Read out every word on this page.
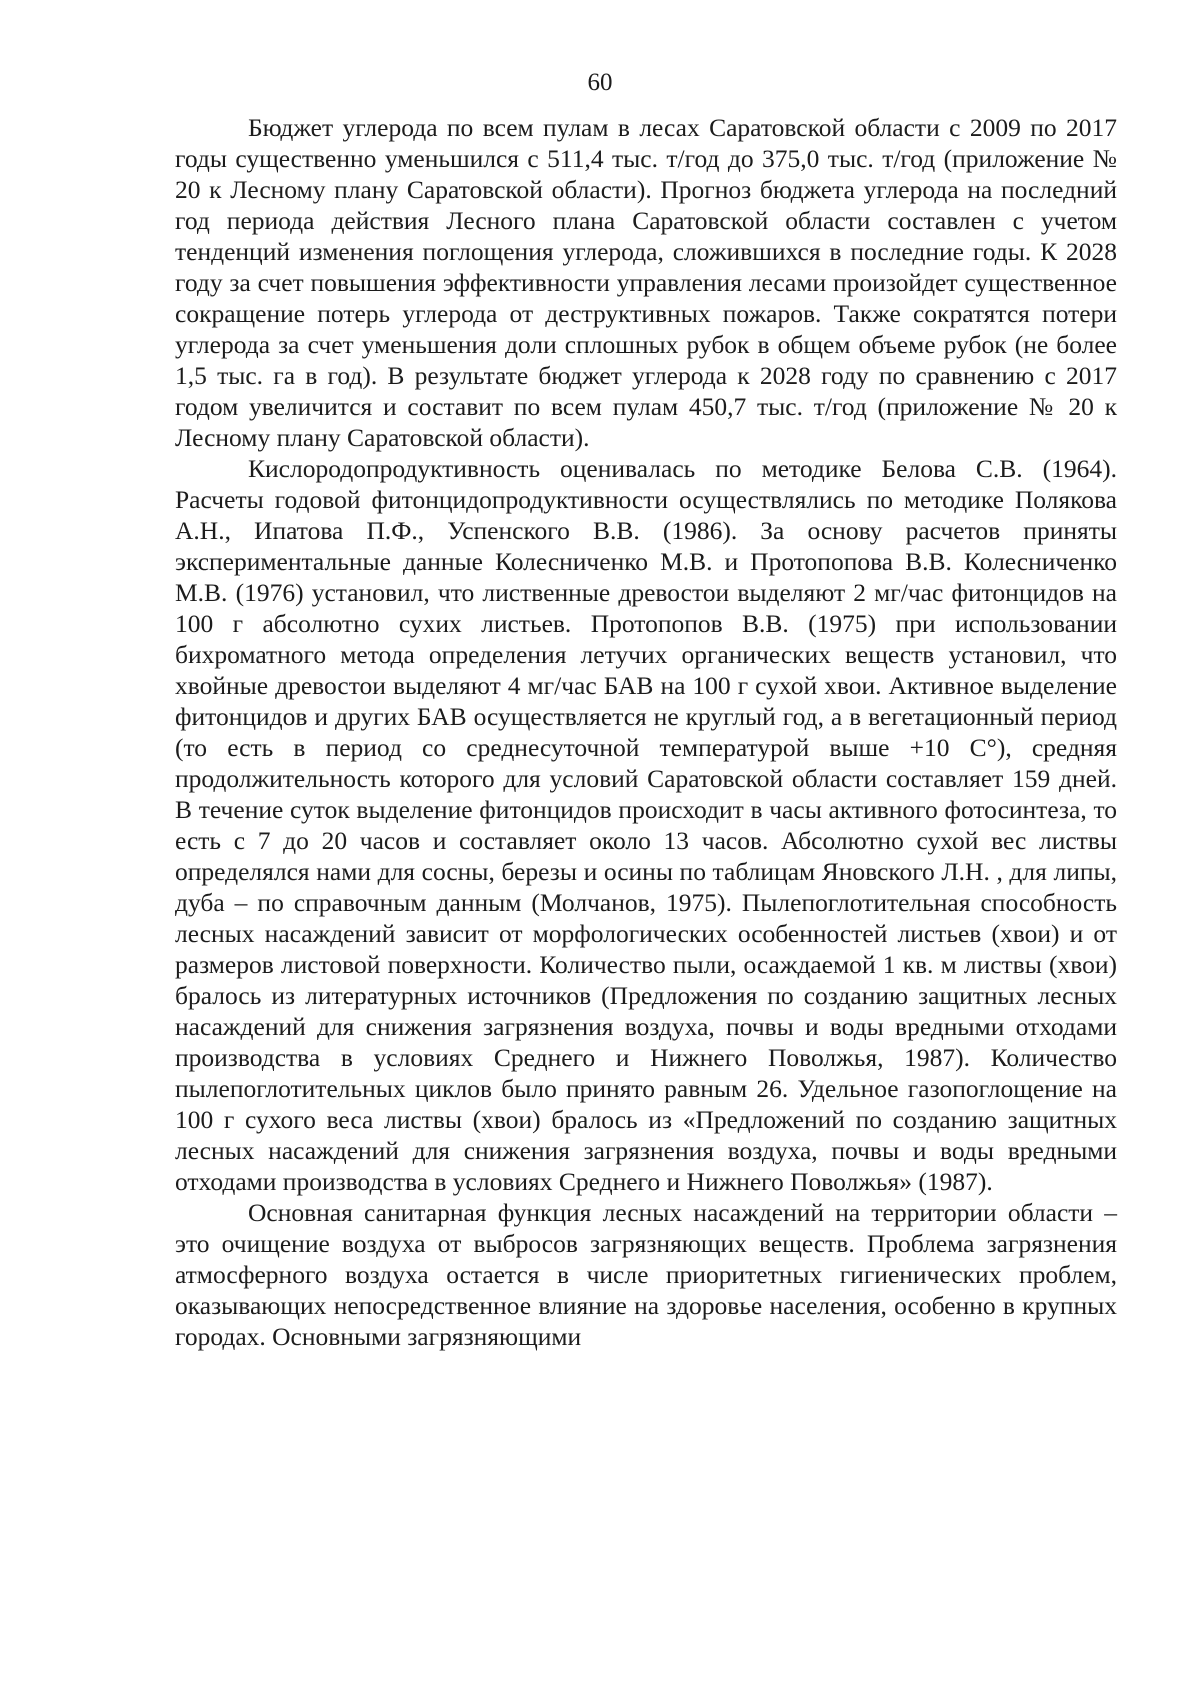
60

Бюджет углерода по всем пулам в лесах Саратовской области с 2009 по 2017 годы существенно уменьшился с 511,4 тыс. т/год до 375,0 тыс. т/год (приложение № 20 к Лесному плану Саратовской области). Прогноз бюджета углерода на последний год периода действия Лесного плана Саратовской области составлен с учетом тенденций изменения поглощения углерода, сложившихся в последние годы. К 2028 году за счет повышения эффективности управления лесами произойдет существенное сокращение потерь углерода от деструктивных пожаров. Также сократятся потери углерода за счет уменьшения доли сплошных рубок в общем объеме рубок (не более 1,5 тыс. га в год). В результате бюджет углерода к 2028 году по сравнению с 2017 годом увеличится и составит по всем пулам 450,7 тыс. т/год (приложение № 20 к Лесному плану Саратовской области).

Кислородопродуктивность оценивалась по методике Белова С.В. (1964). Расчеты годовой фитонцидопродуктивности осуществлялись по методике Полякова А.Н., Ипатова П.Ф., Успенского В.В. (1986). За основу расчетов приняты экспериментальные данные Колесниченко М.В. и Протопопова В.В. Колесниченко М.В. (1976) установил, что лиственные древостои выделяют 2 мг/час фитонцидов на 100 г абсолютно сухих листьев. Протопопов В.В. (1975) при использовании бихроматного метода определения летучих органических веществ установил, что хвойные древостои выделяют 4 мг/час БАВ на 100 г сухой хвои. Активное выделение фитонцидов и других БАВ осуществляется не круглый год, а в вегетационный период (то есть в период со среднесуточной температурой выше +10 С°), средняя продолжительность которого для условий Саратовской области составляет 159 дней. В течение суток выделение фитонцидов происходит в часы активного фотосинтеза, то есть с 7 до 20 часов и составляет около 13 часов. Абсолютно сухой вес листвы определялся нами для сосны, березы и осины по таблицам Яновского Л.Н. , для липы, дуба – по справочным данным (Молчанов, 1975). Пылепоглотительная способность лесных насаждений зависит от морфологических особенностей листьев (хвои) и от размеров листовой поверхности. Количество пыли, осаждаемой 1 кв. м листвы (хвои) бралось из литературных источников (Предложения по созданию защитных лесных насаждений для снижения загрязнения воздуха, почвы и воды вредными отходами производства в условиях Среднего и Нижнего Поволжья, 1987). Количество пылепоглотительных циклов было принято равным 26. Удельное газопоглощение на 100 г сухого веса листвы (хвои) бралось из «Предложений по созданию защитных лесных насаждений для снижения загрязнения воздуха, почвы и воды вредными отходами производства в условиях Среднего и Нижнего Поволжья» (1987).

Основная санитарная функция лесных насаждений на территории области – это очищение воздуха от выбросов загрязняющих веществ. Проблема загрязнения атмосферного воздуха остается в числе приоритетных гигиенических проблем, оказывающих непосредственное влияние на здоровье населения, особенно в крупных городах. Основными загрязняющими
